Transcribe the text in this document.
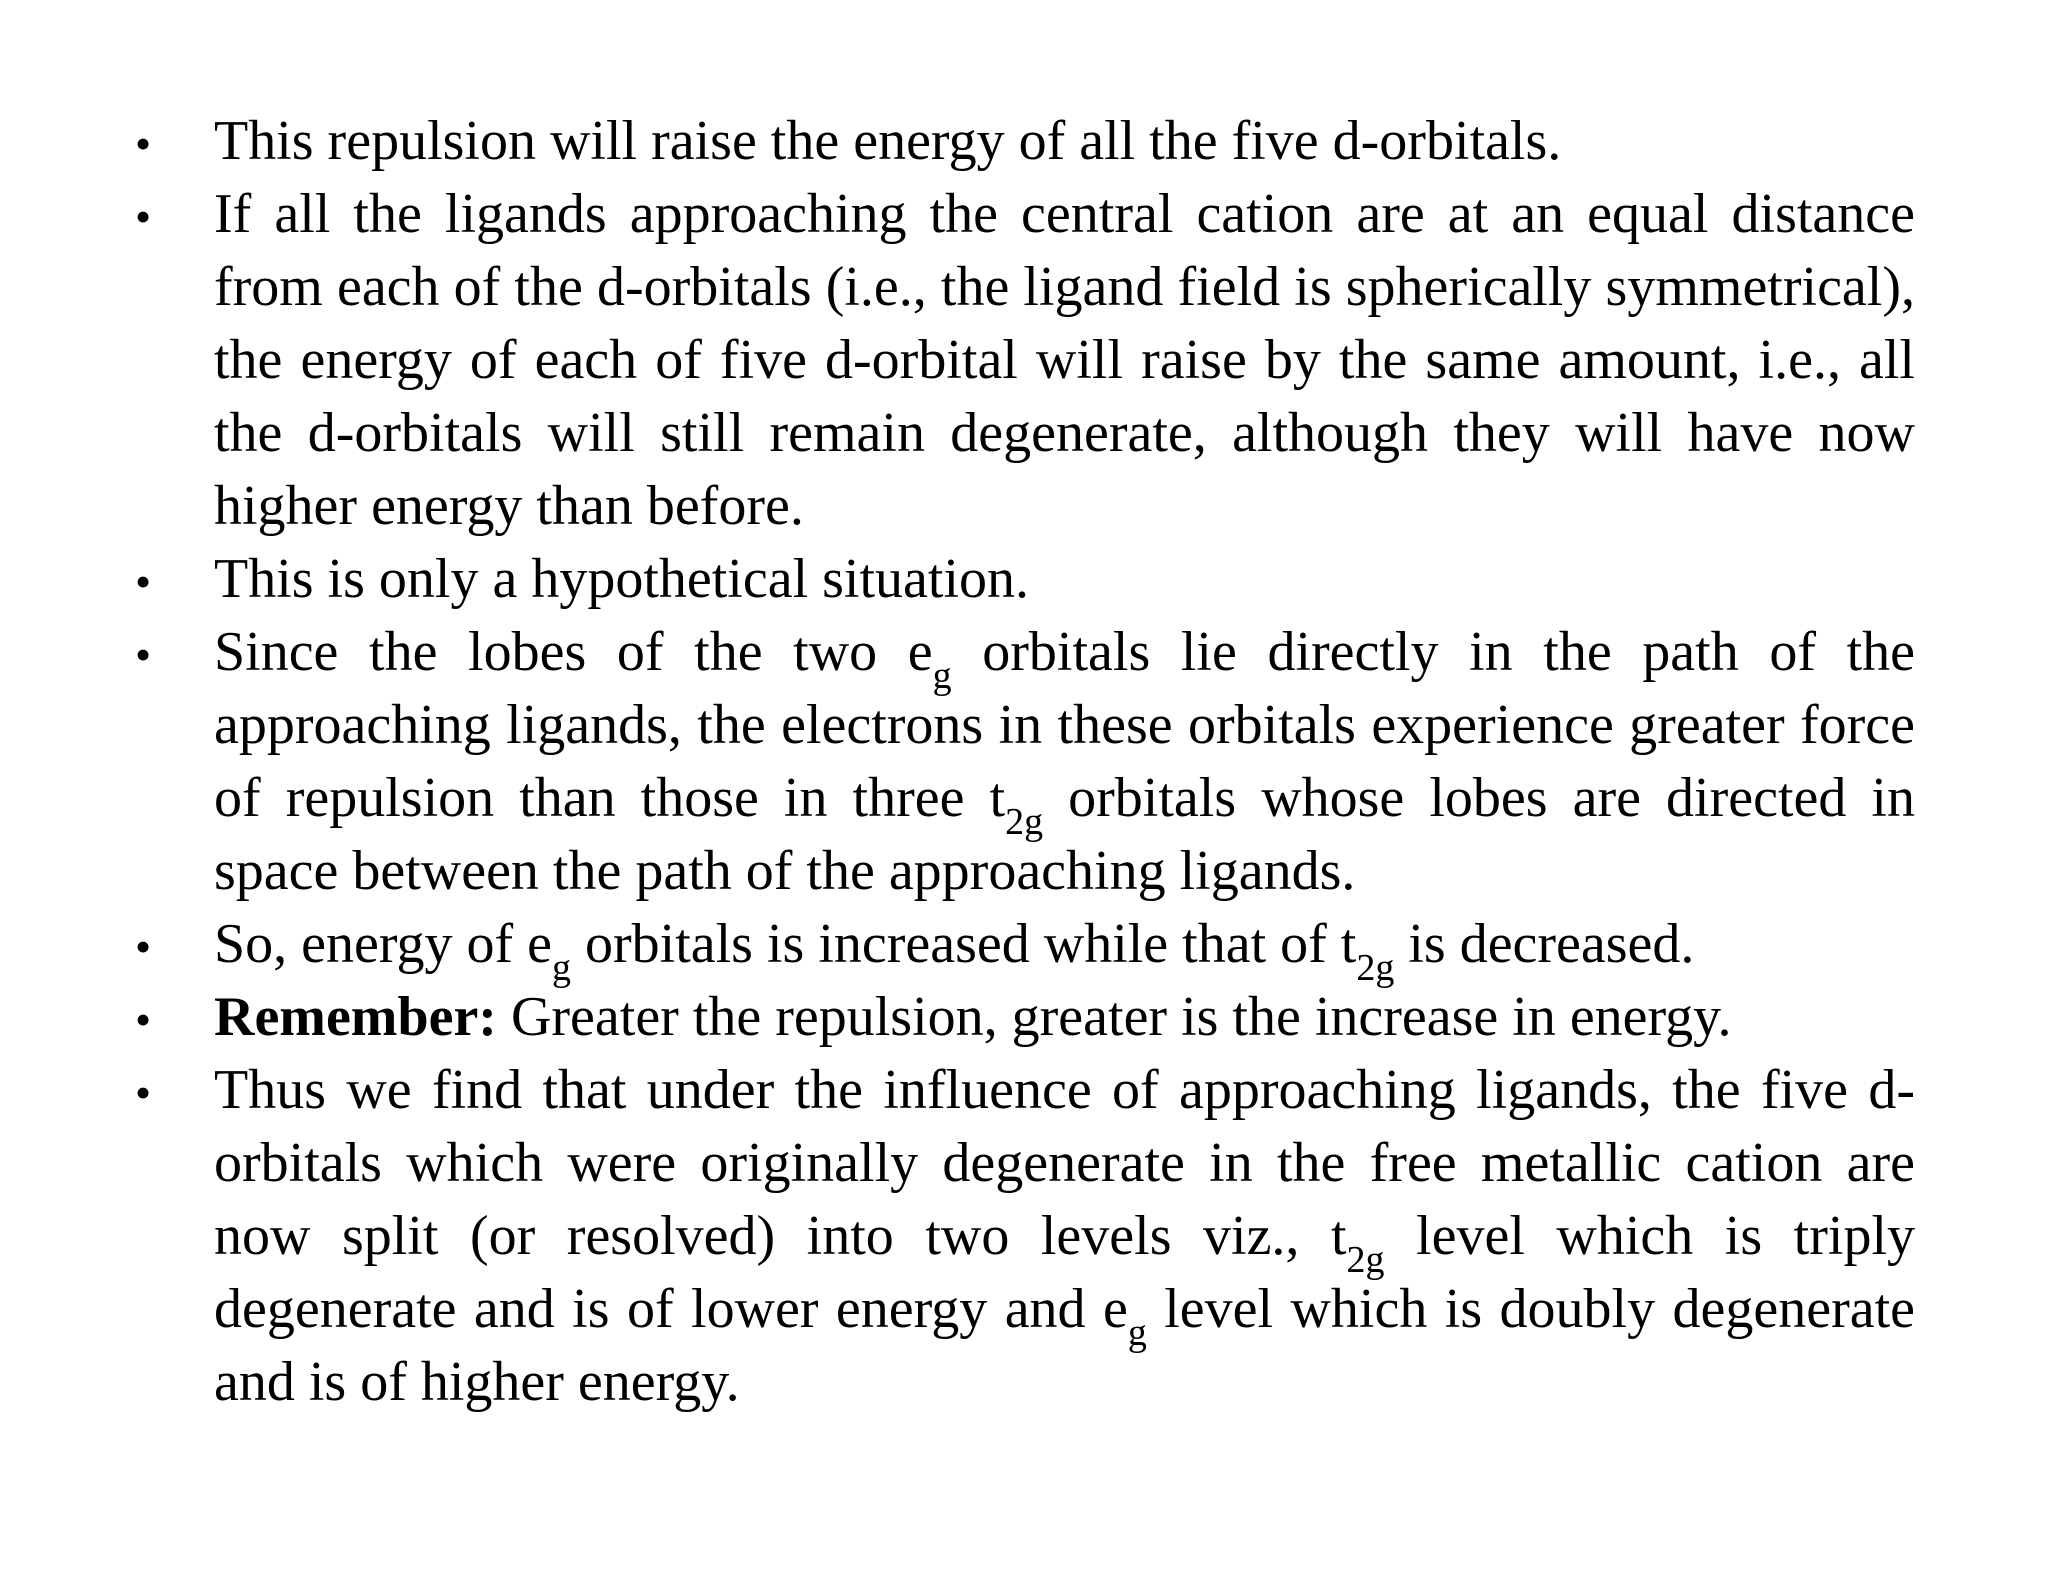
•
This repulsion will raise the energy of all the five d-orbitals.
•
If all the ligands approaching the central cation are at an equal distance from each of the d-orbitals (i.e., the ligand field is spherically symmetrical), the energy of each of five d-orbital will raise by the same amount, i.e., all the d-orbitals will still remain degenerate, although they will have now higher energy than before.
•
This is only a hypothetical situation.
•
Since the lobes of the two $e_g$ orbitals lie directly in the path of the approaching ligands, the electrons in these orbitals experience greater force of repulsion than those in three $t_{2g}$ orbitals whose lobes are directed in space between the path of the approaching ligands.
•
So, energy of $e_g$ orbitals is increased while that of $t_{2g}$ is decreased.
•
Remember: Greater the repulsion, greater is the increase in energy.
•
Thus we find that under the influence of approaching ligands, the five d-orbitals which were originally degenerate in the free metallic cation are now split (or resolved) into two levels viz., $t_{2g}$ level which is triply degenerate and is of lower energy and $e_g$ level which is doubly degenerate and is of higher energy.
